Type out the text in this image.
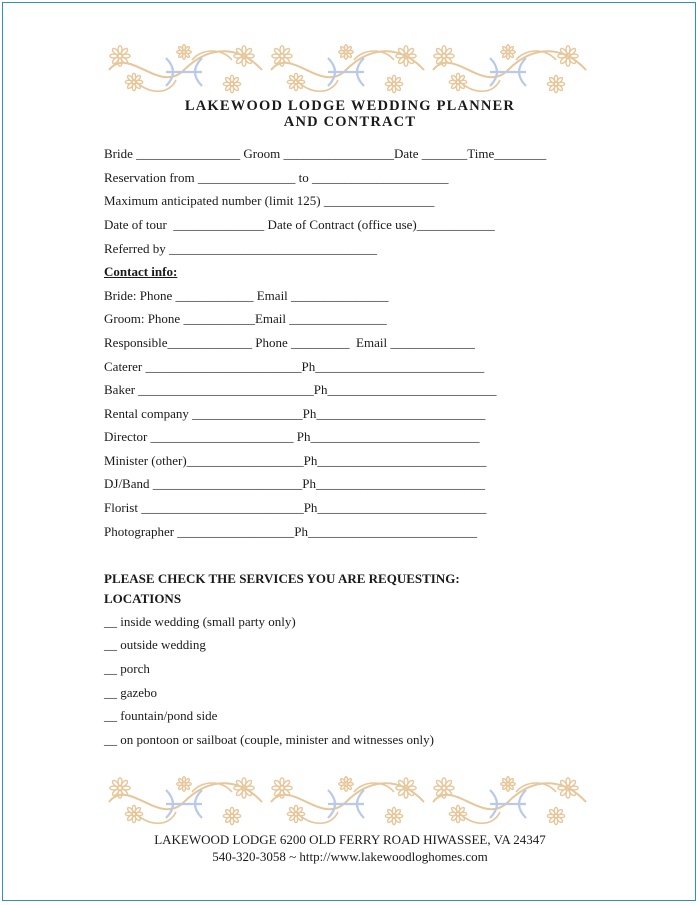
LAKEWOOD LODGE WEDDING PLANNER
AND CONTRACT
Bride ________________ Groom _________________Date _______Time________
Reservation from _______________ to _____________________
Maximum anticipated number (limit 125) _________________
Date of tour  ______________ Date of Contract (office use)____________
Referred by ________________________________
Contact info:
Bride: Phone ____________ Email _______________
Groom: Phone ___________Email _______________
Responsible_____________ Phone _________  Email _____________
Caterer ________________________Ph__________________________
Baker ___________________________Ph__________________________
Rental company _________________Ph__________________________
Director ______________________ Ph__________________________
Minister (other)__________________Ph__________________________
DJ/Band _______________________Ph__________________________
Florist _________________________Ph__________________________
Photographer __________________Ph__________________________
PLEASE CHECK THE SERVICES YOU ARE REQUESTING:
LOCATIONS
__ inside wedding (small party only)
__ outside wedding
__ porch
__ gazebo
__ fountain/pond side
__ on pontoon or sailboat (couple, minister and witnesses only)
LAKEWOOD LODGE 6200 OLD FERRY ROAD HIWASSEE, VA 24347
540-320-3058 ~ http://www.lakewoodloghomes.com
